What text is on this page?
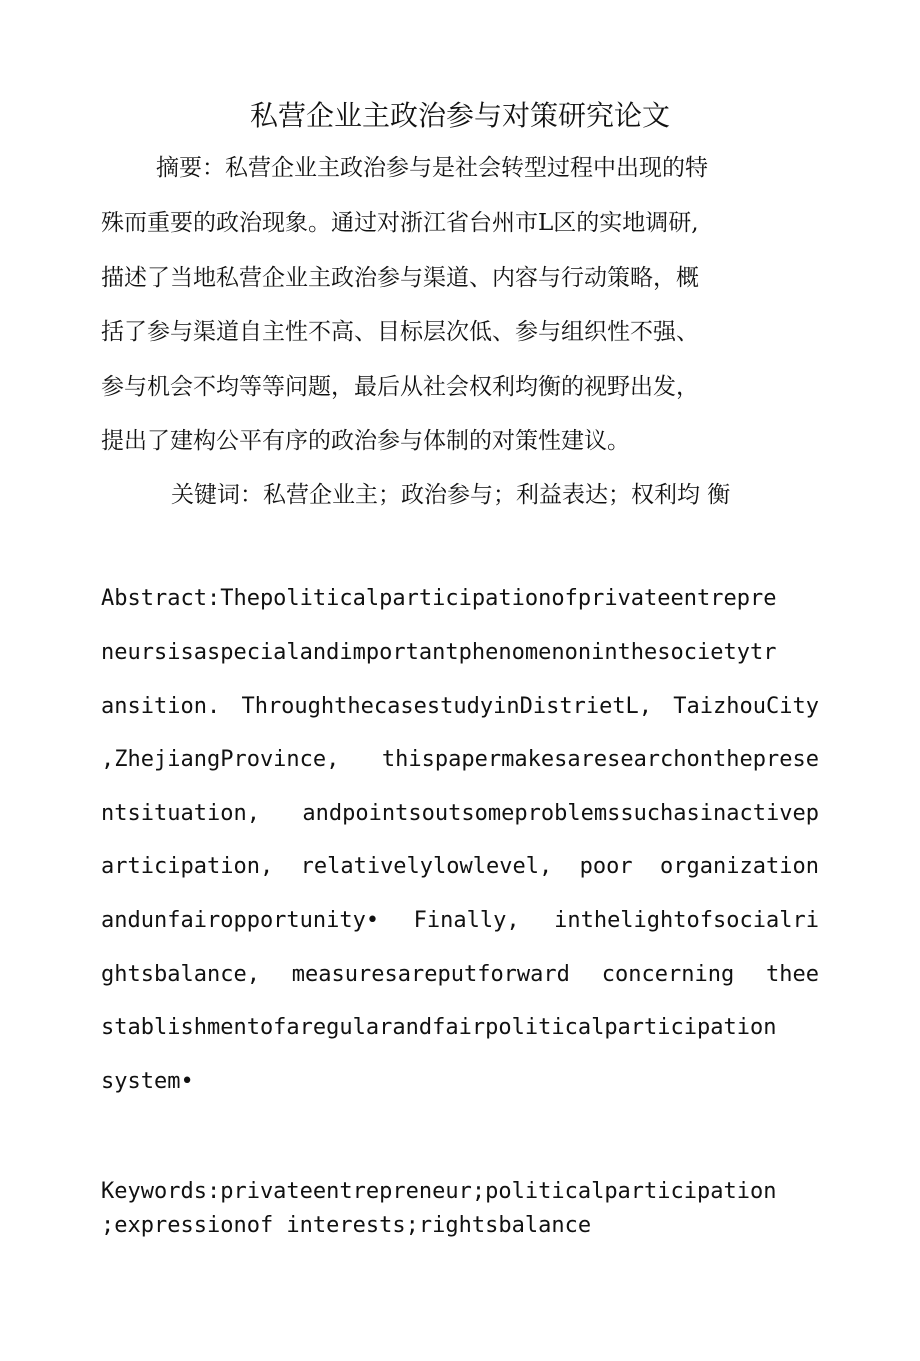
私营企业主政治参与对策研究论文
摘要：私营企业主政治参与是社会转型过程中出现的特
殊而重要的政治现象。通过对浙江省台州市L区的实地调研,
描述了当地私营企业主政治参与渠道、内容与行动策略，概
括了参与渠道自主性不高、目标层次低、参与组织性不强、
参与机会不均等等问题，最后从社会权利均衡的视野出发，
提出了建构公平有序的政治参与体制的对策性建议。
关键词：私营企业主；政治参与；利益表达；权利均 衡
Abstract:Thepoliticalparticipationofprivateentrepre
neursisaspecialandimportantphenomenoninthesocietytr
ansition. ThroughthecasestudyinDistrietL, TaizhouCity
,ZhejiangProvince, thispapermakesaresearchonthepresе
ntsituation, andpointsoutsomeproblemssuchasinactivep
articipation, relativelylowlevel, poor organization
andunfairopportunity• Finally, inthelightofsocialri
ghtsbalance, measuresareputforward concerning thee
stablishmentofaregularandfairpoliticalparticipation
system•
Keywords:privateentrepreneur;politicalparticipation
;expressionof interests;rightsbalance
